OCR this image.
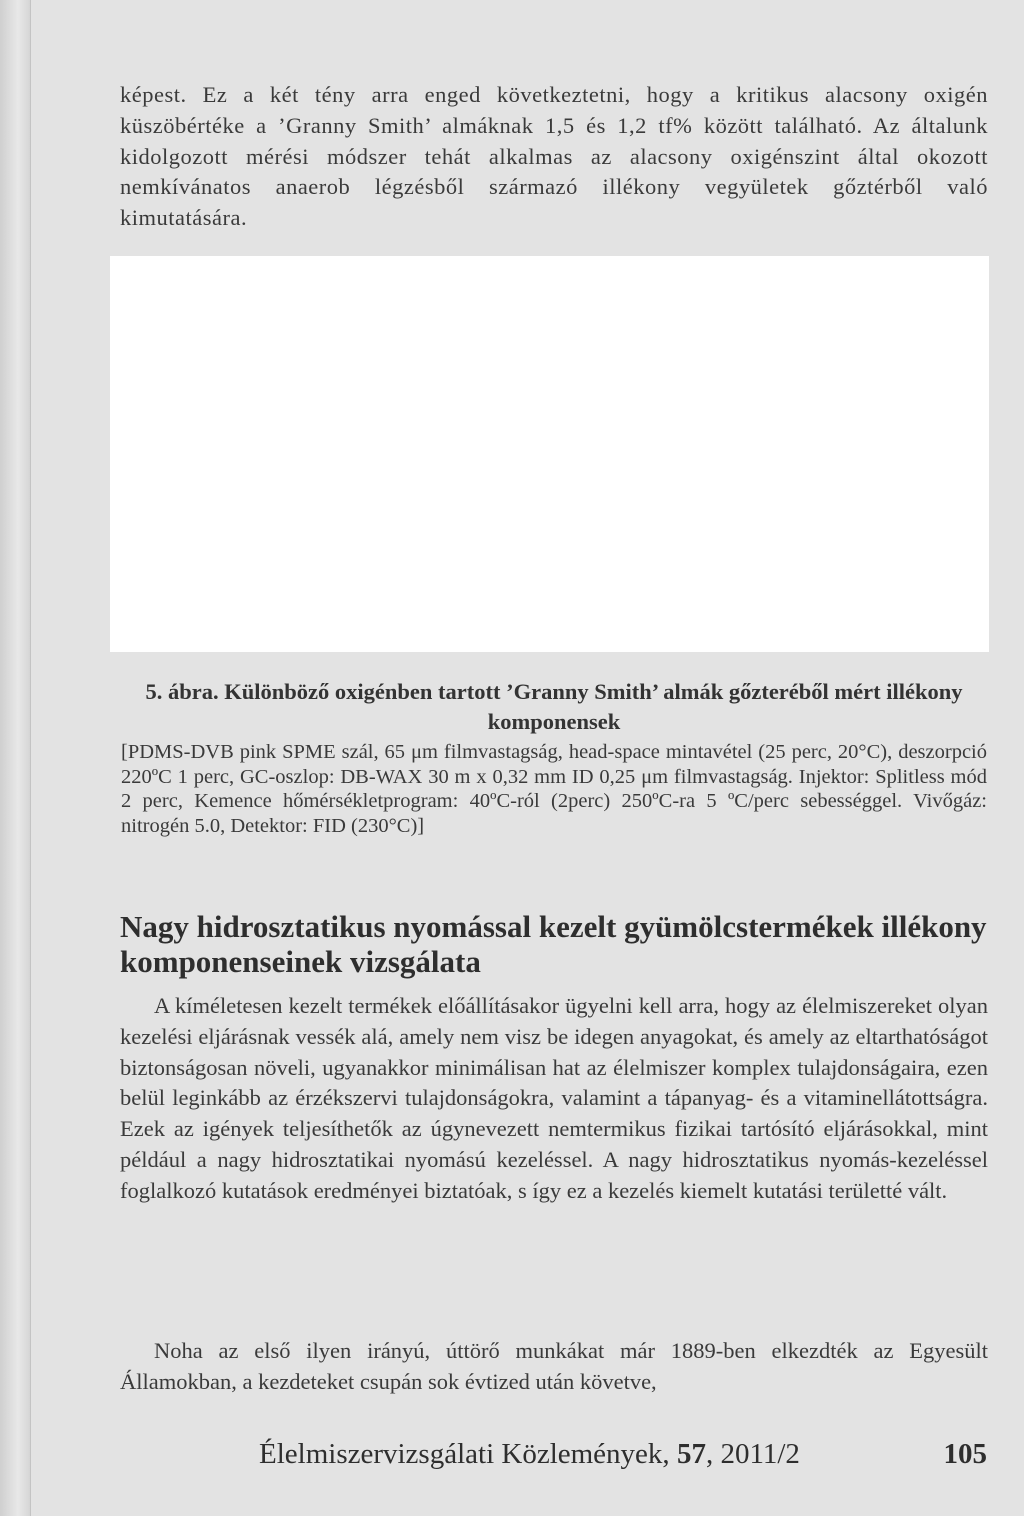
képest. Ez a két tény arra enged következtetni, hogy a kritikus alacsony oxigén küszöbértéke a ’Granny Smith’ almáknak 1,5 és 1,2 tf% között található. Az általunk kidolgozott mérési módszer tehát alkalmas az alacsony oxigénszint által okozott nemkívánatos anaerob légzésből származó illékony vegyületek gőztérből való kimutatására.

5. ábra. Különböző oxigénben tartott ’Granny Smith’ almák gőzteréből mért illékony komponensek

[PDMS-DVB pink SPME szál, 65 μm filmvastagság, head-space mintavétel (25 perc, 20°C), deszorpció 220ºC 1 perc, GC-oszlop: DB-WAX 30 m x 0,32 mm ID 0,25 μm filmvastagság. Injektor: Splitless mód 2 perc, Kemence hőmérsékletprogram: 40ºC-ról (2perc) 250ºC-ra 5 ºC/perc sebességgel. Vivőgáz: nitrogén 5.0, Detektor: FID (230°C)]

Nagy hidrosztatikus nyomással kezelt gyümölcstermékek illékony komponenseinek vizsgálata

A kíméletesen kezelt termékek előállításakor ügyelni kell arra, hogy az élelmiszereket olyan kezelési eljárásnak vessék alá, amely nem visz be idegen anyagokat, és amely az eltarthatóságot biztonságosan növeli, ugyanakkor minimálisan hat az élelmiszer komplex tulajdonságaira, ezen belül leginkább az érzékszervi tulajdonságokra, valamint a tápanyag- és a vitaminellátottságra. Ezek az igények teljesíthetők az úgynevezett nemtermikus fizikai tartósító eljárásokkal, mint például a nagy hidrosztatikai nyomású kezeléssel. A nagy hidrosztatikus nyomás-kezeléssel foglalkozó kutatások eredményei biztatóak, s így ez a kezelés kiemelt kutatási területté vált.

Noha az első ilyen irányú, úttörő munkákat már 1889-ben elkezdték az Egyesült Államokban, a kezdeteket csupán sok évtized után követve,

Élelmiszervizsgálati Közlemények, 57, 2011/2	105
